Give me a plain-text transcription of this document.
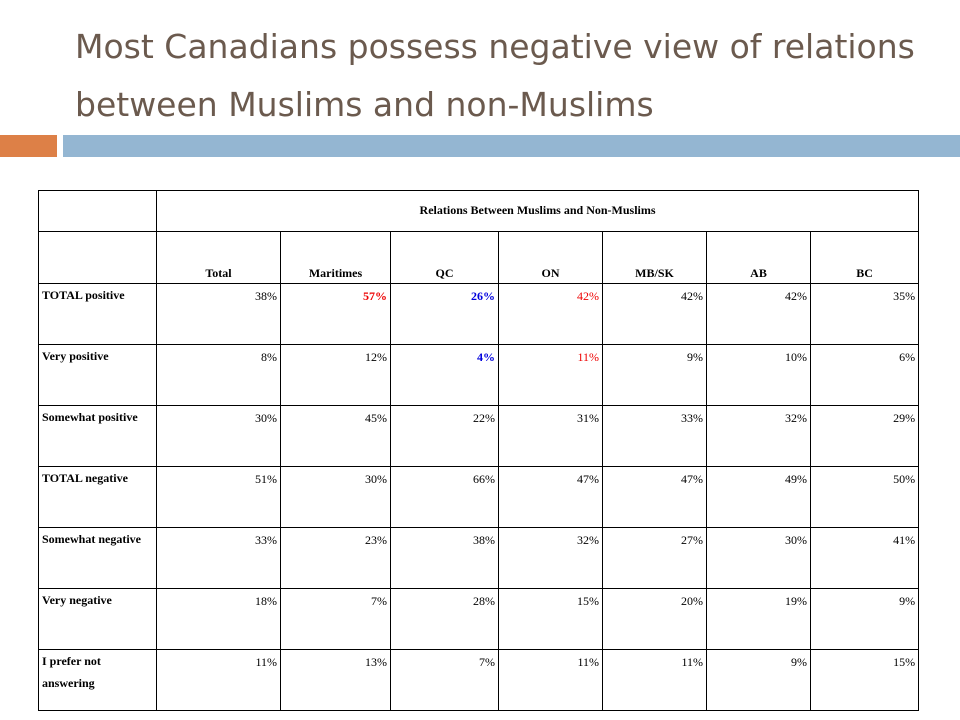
Most Canadians possess negative view of relations between Muslims and non-Muslims
	Relations Between Muslims and Non-Muslims						
	Total	Maritimes	QC	ON	MB/SK	AB	BC
TOTAL positive	38%	57%	26%	42%	42%	42%	35%
Very positive	8%	12%	4%	11%	9%	10%	6%
Somewhat positive	30%	45%	22%	31%	33%	32%	29%
TOTAL negative	51%	30%	66%	47%	47%	49%	50%
Somewhat negative	33%	23%	38%	32%	27%	30%	41%
Very negative	18%	7%	28%	15%	20%	19%	9%
I prefer not answering	11%	13%	7%	11%	11%	9%	15%
